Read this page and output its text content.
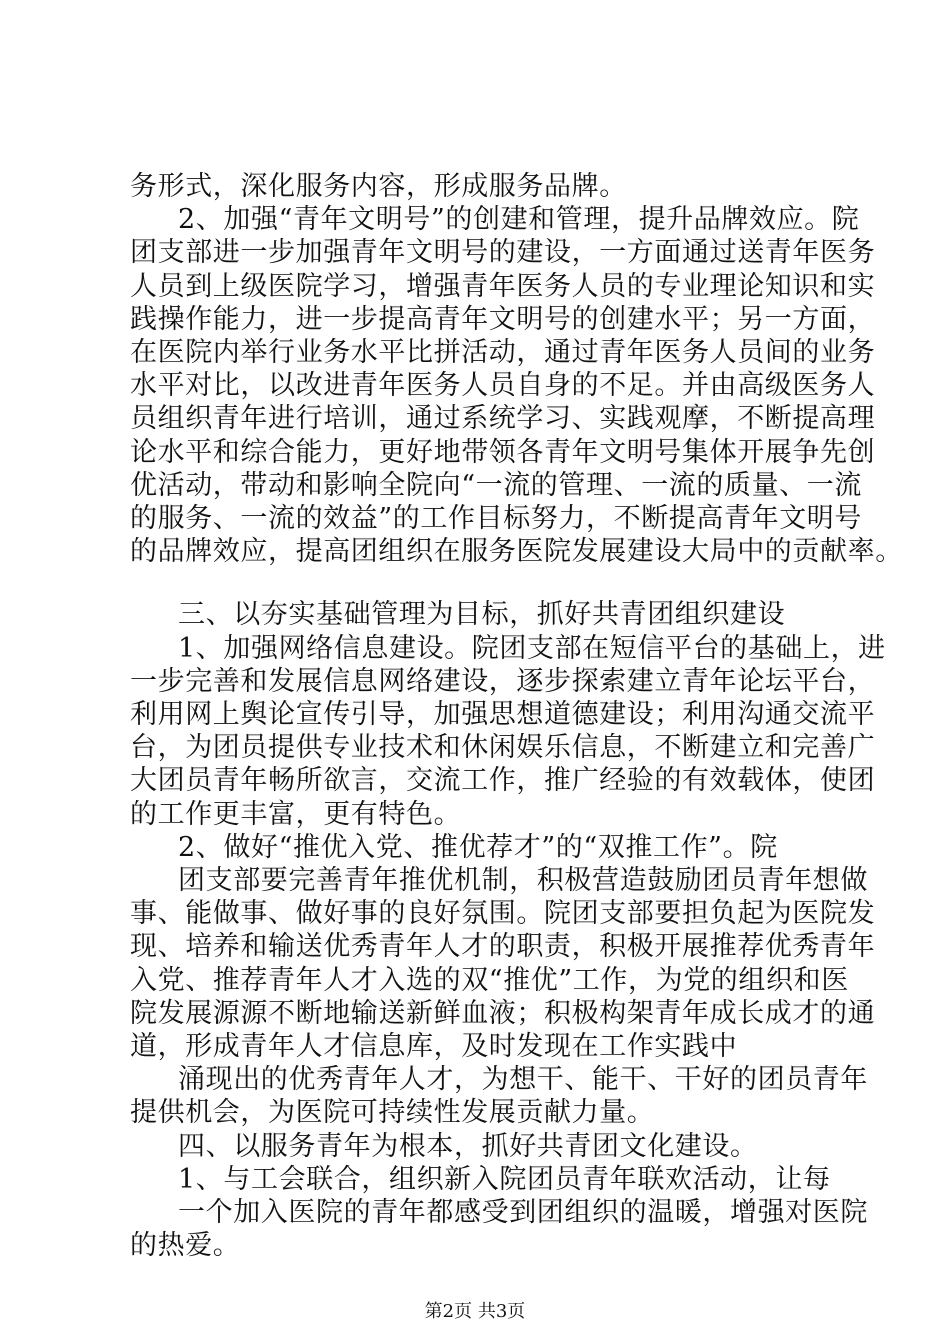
务形式，深化服务内容，形成服务品牌。
2、加强“青年文明号”的创建和管理，提升品牌效应。院
团支部进一步加强青年文明号的建设，一方面通过送青年医务
人员到上级医院学习，增强青年医务人员的专业理论知识和实
践操作能力，进一步提高青年文明号的创建水平；另一方面，
在医院内举行业务水平比拼活动，通过青年医务人员间的业务
水平对比，以改进青年医务人员自身的不足。并由高级医务人
员组织青年进行培训，通过系统学习、实践观摩，不断提高理
论水平和综合能力，更好地带领各青年文明号集体开展争先创
优活动，带动和影响全院向“一流的管理、一流的质量、一流
的服务、一流的效益”的工作目标努力，不断提高青年文明号
的品牌效应，提高团组织在服务医院发展建设大局中的贡献率。
三、以夯实基础管理为目标，抓好共青团组织建设
1、加强网络信息建设。院团支部在短信平台的基础上，进
一步完善和发展信息网络建设，逐步探索建立青年论坛平台，
利用网上舆论宣传引导，加强思想道德建设；利用沟通交流平
台，为团员提供专业技术和休闲娱乐信息，不断建立和完善广
大团员青年畅所欲言，交流工作，推广经验的有效载体，使团
的工作更丰富，更有特色。
2、做好“推优入党、推优荐才”的“双推工作”。院
团支部要完善青年推优机制，积极营造鼓励团员青年想做
事、能做事、做好事的良好氛围。院团支部要担负起为医院发
现、培养和输送优秀青年人才的职责，积极开展推荐优秀青年
入党、推荐青年人才入选的双“推优”工作，为党的组织和医
院发展源源不断地输送新鲜血液；积极构架青年成长成才的通
道，形成青年人才信息库，及时发现在工作实践中
涌现出的优秀青年人才，为想干、能干、干好的团员青年
提供机会，为医院可持续性发展贡献力量。
四、以服务青年为根本，抓好共青团文化建设。
1、与工会联合，组织新入院团员青年联欢活动，让每
一个加入医院的青年都感受到团组织的温暖，增强对医院
的热爱。
第2页 共3页
